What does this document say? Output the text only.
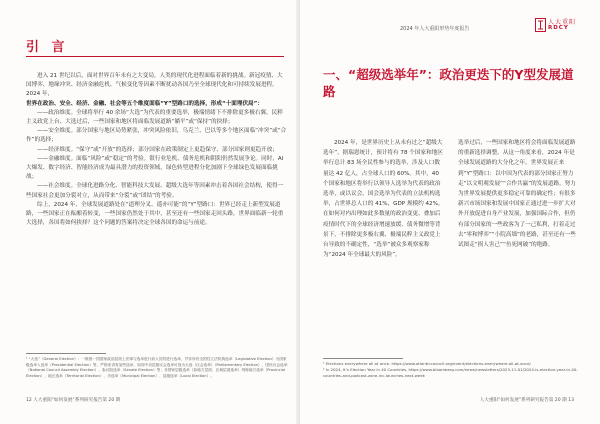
引 言

进入 21 世纪以后，面对世界百年未有之大变局，人类的现代化进程面临着新的挑战。新冠疫情、大国博弈、地缘冲突、经济金融危机、气候变化等因素不断扰动各国乃至全球现代化和可持续发展进程。2024 年，

世界在政治、安全、经济、金融、社会等五个维度面临“Y”型路口的选择，形成“十面埋伏局”：

——政治维度。全球将举行 40 余场“大选”为代表的重要选举，极端情绪下不排除更多极右翼、民粹主义政党上台、大选过后，一些国家和地区将面临发展道路“躺平”或“保持”的抉择；

——安全维度。部分国家与地区局势紧张，冲突风险依旧，乌克兰、巴以等多个地区面临“冲突”或“合作”的选择；

——经济维度。“保守”或“开放”的选择；部分国家在政策制定上更趋保守，部分国家则更趋开放；

——金融维度。面临“风险”或“稳定”的考验。银行业危机、债务危机和阴阳仍然发展争论。同时，AI 大爆发、数字经济、智能经济成为最具潜力的投资领域，绿色转型进程分化加剧下全球绿色发展面临挑战；

——社会维度。全球化进路分化、智能科技大发展、超级大选年等因素冲击着各国社会结构，使得一些国家社会更加分裂对立，从而带来“分裂”或“团结”的考验。

综上，2024 年，全球发展道路处在“道理分叉、遥亦可能”的“Y”型路口：世界已经走上新型发展道路，一些国家正在酝酿着转变，一些国家仍然处于其中，甚至还有一些国家走回头路，世界面临新一轮重大选择，各国将如何抉择？这个问题的答案将决定全球各国的命运与前途。

¹ “大选”（General Election）：一般指一国国家政治层面上法律与选举进行前人员的进行选举，并非所有全国性立法机构选举（Legislative Election）为国家级选举入选举（Presidential Election）等，严格来讲有某些选举，如同中央层级议会选举可视为大选（议会选举）（Parliamentary Election），国民议会选举（National Council Assembly Election）、参议院选举（Senate Election）等；非国家层级选举（如地方层面、区域层面选举）则称地方选举（Provincial Election）、地区选举（Territorial Election）、市选举（Municipal Election）、县级选举（Local Election）。
12 人大重阳“如何发展”系列研究报告第 20 期
2024 年人大重阳形势年度报告
人大重阳
RDCY
一、“超级选举年”：政治更迭下的Y型发展道路

2024 年，是世界历史上从未有过之“超级大选年”。据瑞恩统计，预计将有 78 个国家和地区举行总计 83 场全民性参与的选举，涉及人口数量达 42 亿人，占全球人口的 60%。其中，40 个国家和地区将举行以领导人选举为代表的政治选举，或以议会、国会选举为代表的立法机构选举，占世界总人口的 41%，GDP 规模约 42%。在如何对内出理如此多数量的政治变更、叠加后疫情时代下的全球经济增速放缓、债务微增等背景下，不排除更多极右翼、极端民粹主义政党上台导致的不确定性，“选举”被众多观察家称为“2024 年全球最大的风险”。

选举过后，一些国家和地区将会将面临发展道路的重新选择调整。从这一角度来看，2024 年是全球发展道路的大分化之年，世界发展正来到“Y”型路口：以中国为代表的部分国家正努力走“以文明观发展”“合作共赢”的发展道路，努力为世界发展提供更多稳定可靠的确定性；有很多新兴市场国家和发展中国家正通过进一步扩大对外开放促进自身产业发展，加强国际合作，但仍有部分国家的一些政客为了一己私利，打着走过去“零和博弈”“小院高墙”的老路，甚至还有一些试图走“损人害己”“鱼死网破”的绝路。

¹ Elections everywhere all at once. https://www.atlanticcouncil.org/event/elections-everywhere-all-at-once/
² In 2024, It’s Election Year in 40 Countries, https://www.bloomberg.com/news/newsletters/2023-11-01/2024-is-election-year-in-40-countries-and-podcast-zone-inc-launches-next-week
人大重阳“如何发展”系列研究报告第 20 期 13
